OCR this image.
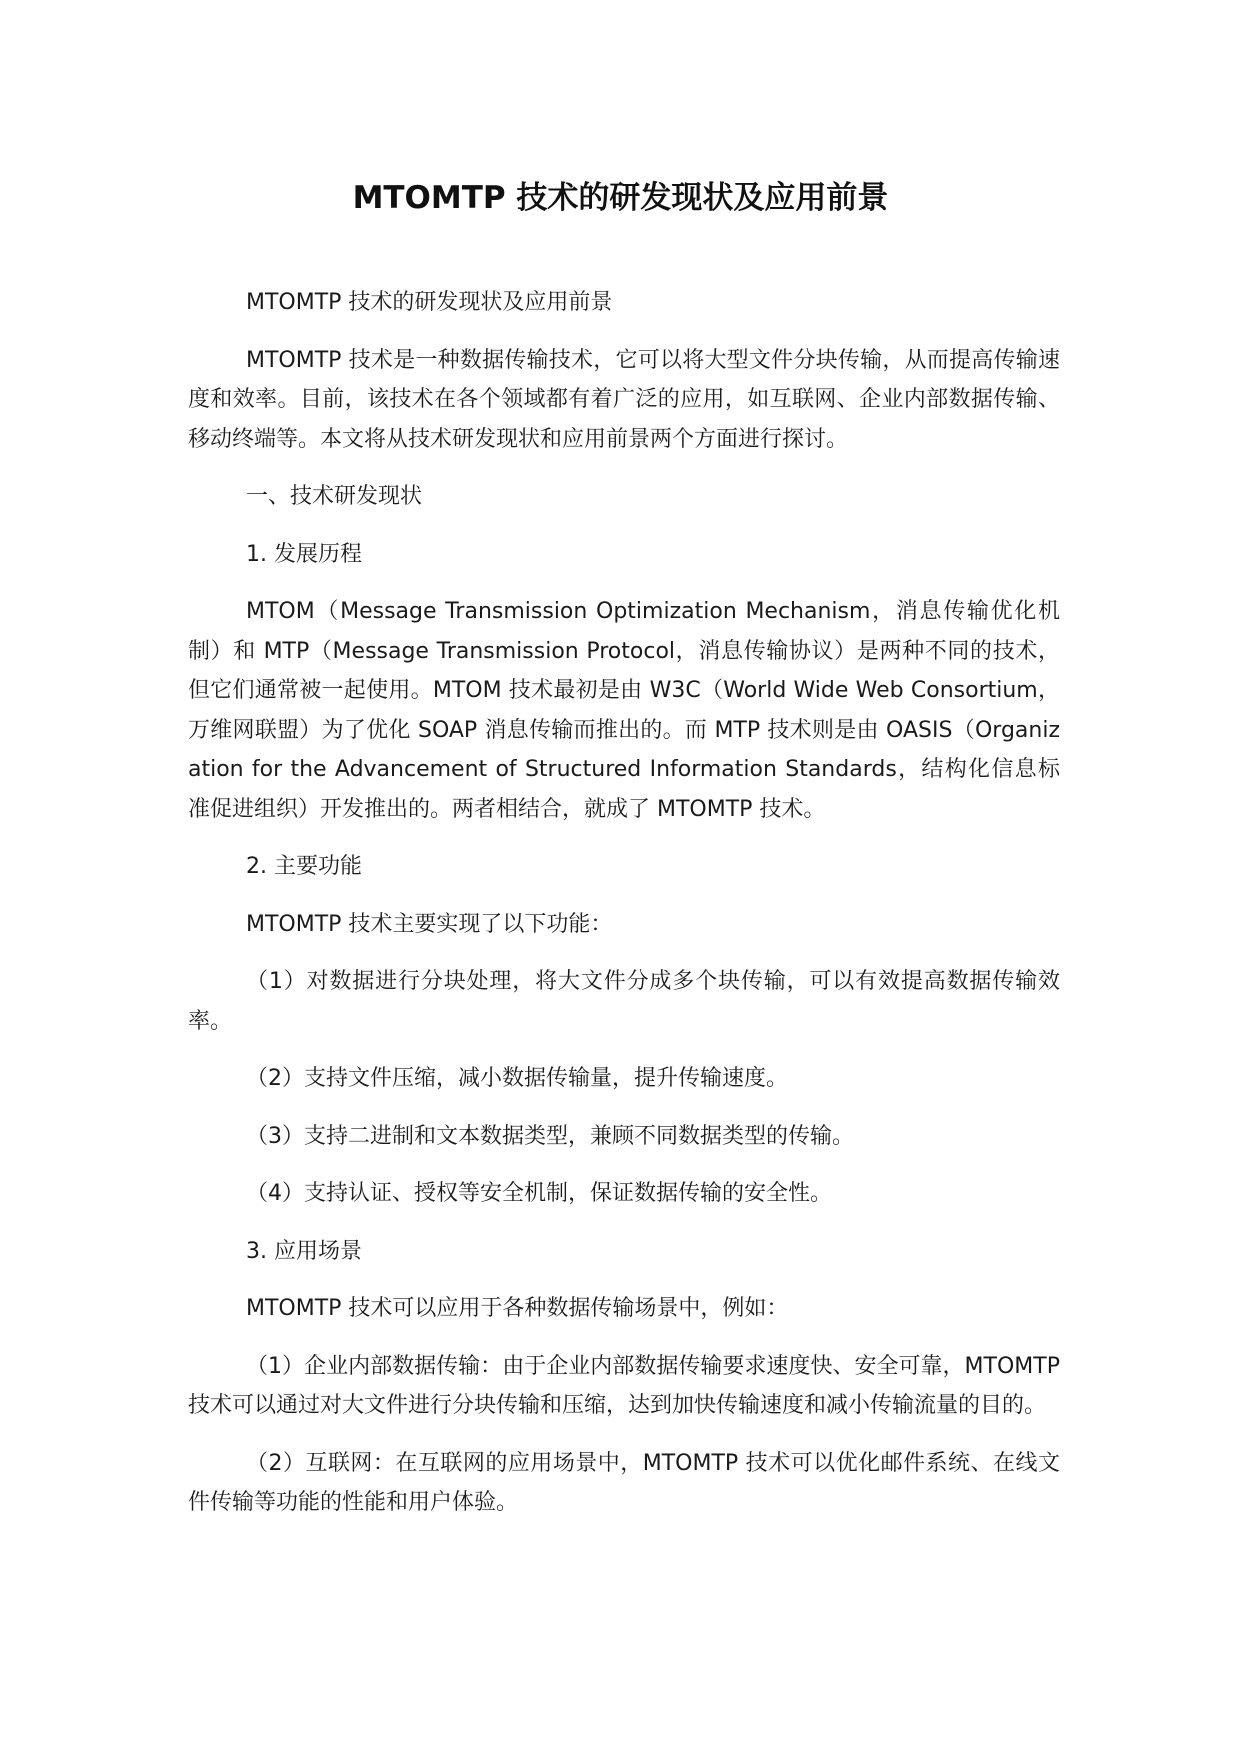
MTOMTP 技术的研发现状及应用前景

MTOMTP 技术的研发现状及应用前景

MTOMTP 技术是一种数据传输技术，它可以将大型文件分块传输，从而提高传输速度和效率。目前，该技术在各个领域都有着广泛的应用，如互联网、企业内部数据传输、移动终端等。本文将从技术研发现状和应用前景两个方面进行探讨。

一、技术研发现状

1. 发展历程

MTOM（Message Transmission Optimization Mechanism，消息传输优化机制）和 MTP（Message Transmission Protocol，消息传输协议）是两种不同的技术，但它们通常被一起使用。MTOM 技术最初是由 W3C（World Wide Web Consortium，万维网联盟）为了优化 SOAP 消息传输而推出的。而 MTP 技术则是由 OASIS（Organization for the Advancement of Structured Information Standards，结构化信息标准促进组织）开发推出的。两者相结合，就成了 MTOMTP 技术。

2. 主要功能

MTOMTP 技术主要实现了以下功能：

（1）对数据进行分块处理，将大文件分成多个块传输，可以有效提高数据传输效率。

（2）支持文件压缩，减小数据传输量，提升传输速度。

（3）支持二进制和文本数据类型，兼顾不同数据类型的传输。

（4）支持认证、授权等安全机制，保证数据传输的安全性。

3. 应用场景

MTOMTP 技术可以应用于各种数据传输场景中，例如：

（1）企业内部数据传输：由于企业内部数据传输要求速度快、安全可靠，MTOMTP 技术可以通过对大文件进行分块传输和压缩，达到加快传输速度和减小传输流量的目的。

（2）互联网：在互联网的应用场景中，MTOMTP 技术可以优化邮件系统、在线文件传输等功能的性能和用户体验。
